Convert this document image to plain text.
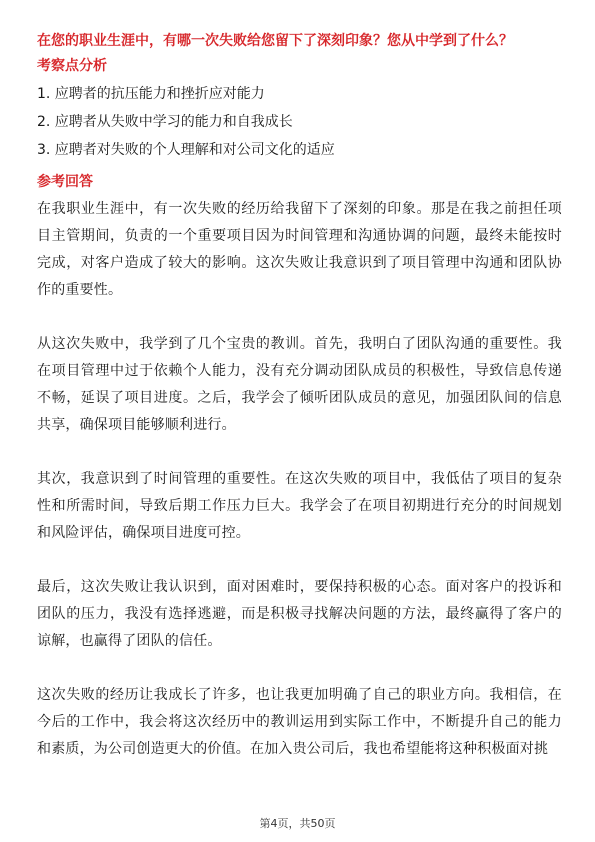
在您的职业生涯中，有哪一次失败给您留下了深刻印象？您从中学到了什么？
考察点分析
1. 应聘者的抗压能力和挫折应对能力
2. 应聘者从失败中学习的能力和自我成长
3. 应聘者对失败的个人理解和对公司文化的适应
参考回答

在我职业生涯中，有一次失败的经历给我留下了深刻的印象。那是在我之前担任项目主管期间，负责的一个重要项目因为时间管理和沟通协调的问题，最终未能按时完成，对客户造成了较大的影响。这次失败让我意识到了项目管理中沟通和团队协作的重要性。

从这次失败中，我学到了几个宝贵的教训。首先，我明白了团队沟通的重要性。我在项目管理中过于依赖个人能力，没有充分调动团队成员的积极性，导致信息传递不畅，延误了项目进度。之后，我学会了倾听团队成员的意见，加强团队间的信息共享，确保项目能够顺利进行。

其次，我意识到了时间管理的重要性。在这次失败的项目中，我低估了项目的复杂性和所需时间，导致后期工作压力巨大。我学会了在项目初期进行充分的时间规划和风险评估，确保项目进度可控。

最后，这次失败让我认识到，面对困难时，要保持积极的心态。面对客户的投诉和团队的压力，我没有选择逃避，而是积极寻找解决问题的方法，最终赢得了客户的谅解，也赢得了团队的信任。

这次失败的经历让我成长了许多，也让我更加明确了自己的职业方向。我相信，在今后的工作中，我会将这次经历中的教训运用到实际工作中，不断提升自己的能力和素质，为公司创造更大的价值。在加入贵公司后，我也希望能将这种积极面对挑

第4页，共50页
